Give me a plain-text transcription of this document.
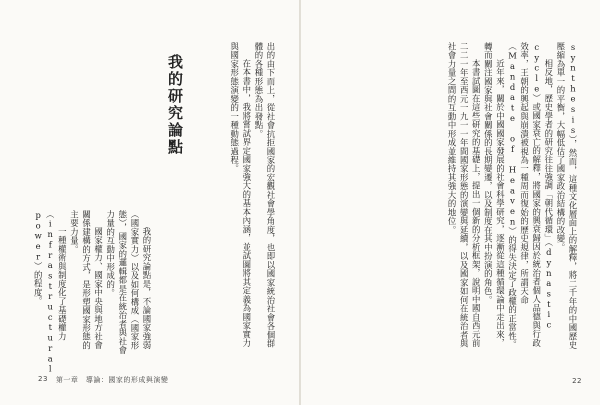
出的由下而上，從社會抗拒國家的宏觀社會學角度，也即以國家統治社會各個群體的各種形態為出發點。

在本書中，我將嘗試界定國家強大的基本內涵，並試圖將其定義為國家實力與國家形態演變的一種動態過程。

我的研究論點

我的研究論點是，不論國家強弱（國家實力）以及如何構成（國家形態），國家的邏輯都是在統治者與社會力量的互動中形成的。

國家權力、國家中央與地方社會關係建構的方式，是形塑國家形態的主要力量。

一種權術與制度化了基礎權力（infrastructural power）的程度。

23 第一章　導論：國家的形成與演變

synthesis），然而，這種文化層面上的解釋，將二千年的中國歷史壓縮為單一的平衡，大幅低估了國家政治結構的改變。

相反地，歷史學者的研究往往強調「朝代循環」（dynastic cycle）或國家衰亡的解釋，將國家的興衰歸因於統治者個人品德與行政效率，王朝的興起與崩潰被視為一種周而復始的歷史規律，所謂天命（Mandate of Heaven）的得失決定了政權的正當性。

近年來，關於中國國家發展的社會科學研究，逐漸從這種循環論中走出來，轉而關注國家與社會關係的長期變遷，以及制度在其中扮演的角色。

本書試圖在這些研究的基礎上，提出一個新的分析框架，說明中國自西元前二二一年至西元一九一一年間國家形態的演變與延續，以及國家如何在統治者與社會力量之間的互動中形成並維持其強大的地位。

22
